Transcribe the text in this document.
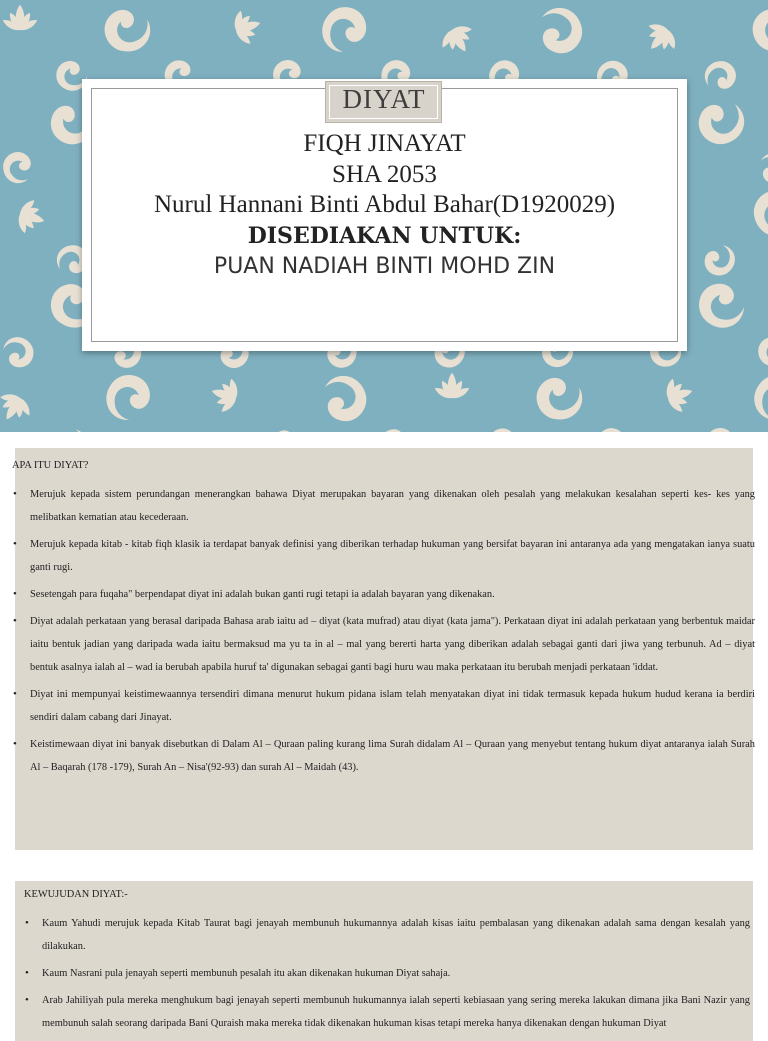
DIYAT
FIQH JINAYAT
SHA 2053
Nurul Hannani Binti Abdul Bahar(D1920029)
DISEDIAKAN UNTUK:
PUAN NADIAH BINTI MOHD ZIN
APA ITU DIYAT?
• Merujuk kepada sistem perundangan menerangkan bahawa Diyat merupakan bayaran yang dikenakan oleh pesalah yang melakukan kesalahan seperti kes- kes yang melibatkan kematian atau kecederaan.
• Merujuk kepada kitab - kitab fiqh klasik ia terdapat banyak definisi yang diberikan terhadap hukuman yang bersifat bayaran ini antaranya ada yang mengatakan ianya suatu ganti rugi.
• Sesetengah para fuqaha" berpendapat diyat ini adalah bukan ganti rugi tetapi ia adalah bayaran yang dikenakan.
• Diyat adalah perkataan yang berasal daripada Bahasa arab iaitu ad – diyat (kata mufrad) atau diyat (kata jama"). Perkataan diyat ini adalah perkataan yang berbentuk maidar iaitu bentuk jadian yang daripada wada iaitu bermaksud ma yu ta in al – mal yang bererti harta yang diberikan adalah sebagai ganti dari jiwa yang terbunuh. Ad – diyat bentuk asalnya ialah al – wad ia berubah apabila huruf ta' digunakan sebagai ganti bagi huru wau maka perkataan itu berubah menjadi perkataan 'iddat.
• Diyat ini mempunyai keistimewaannya tersendiri dimana menurut hukum pidana islam telah menyatakan diyat ini tidak termasuk kepada hukum hudud kerana ia berdiri sendiri dalam cabang dari Jinayat.
• Keistimewaan diyat ini banyak disebutkan di Dalam Al – Quraan paling kurang lima Surah didalam Al – Quraan yang menyebut tentang hukum diyat antaranya ialah Surah Al – Baqarah (178 -179), Surah An – Nisa'(92-93) dan surah Al – Maidah (43).
KEWUJUDAN DIYAT:-
• Kaum Yahudi merujuk kepada Kitab Taurat bagi jenayah membunuh hukumannya adalah kisas iaitu pembalasan yang dikenakan adalah sama dengan kesalah yang dilakukan.
• Kaum Nasrani pula jenayah seperti membunuh pesalah itu akan dikenakan hukuman Diyat sahaja.
• Arab Jahiliyah pula mereka menghukum bagi jenayah seperti membunuh hukumannya ialah seperti kebiasaan yang sering mereka lakukan dimana jika Bani Nazir yang membunuh salah seorang daripada Bani Quraish maka mereka tidak dikenakan hukuman kisas tetapi mereka hanya dikenakan dengan hukuman Diyat
